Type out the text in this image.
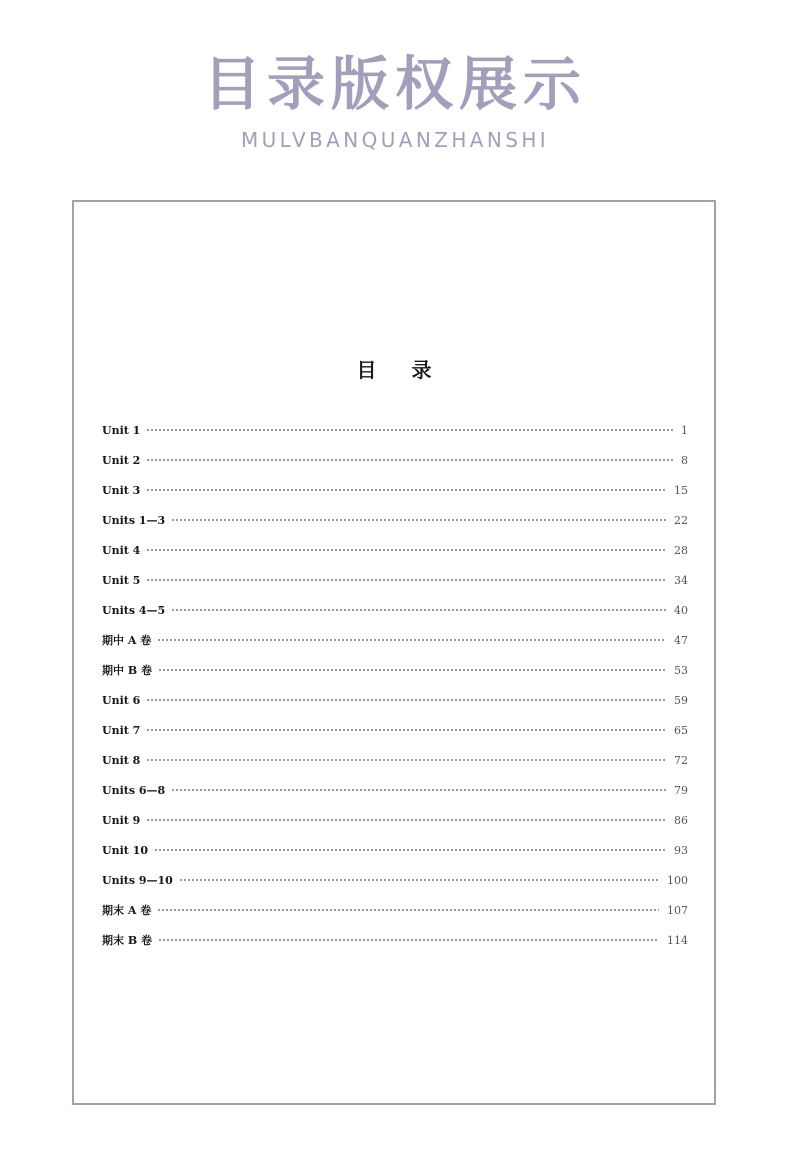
目录版权展示
MULVBANQUANZHANSHI
目 录
Unit 1	1
Unit 2	8
Unit 3	15
Units 1—3	22
Unit 4	28
Unit 5	34
Units 4—5	40
期中 A 卷	47
期中 B 卷	53
Unit 6	59
Unit 7	65
Unit 8	72
Units 6—8	79
Unit 9	86
Unit 10	93
Units 9—10	100
期末 A 卷	107
期末 B 卷	114
